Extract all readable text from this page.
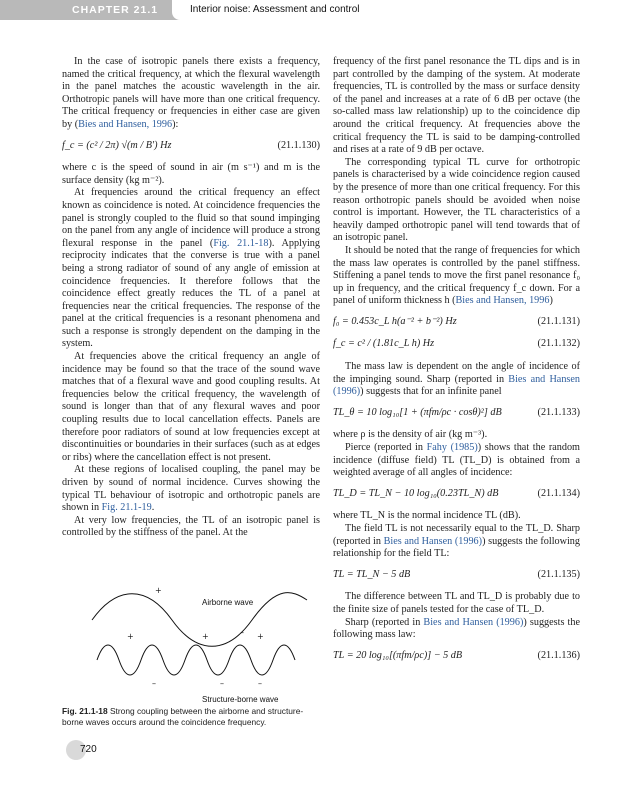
CHAPTER 21.1	Interior noise: Assessment and control

In the case of isotropic panels there exists a frequency, named the critical frequency, at which the flexural wavelength in the panel matches the acoustic wavelength in the air. Orthotropic panels will have more than one critical frequency. The critical frequency or frequencies in either case are given by (Bies and Hansen, 1996):

f_c = (c² / 2π) √(m / B′) Hz	(21.1.130)

where c is the speed of sound in air (m s⁻¹) and m is the surface density (kg m⁻²).

At frequencies around the critical frequency an effect known as coincidence is noted. At coincidence frequencies the panel is strongly coupled to the fluid so that sound impinging on the panel from any angle of incidence will produce a strong flexural response in the panel (Fig. 21.1-18). Applying reciprocity indicates that the converse is true with a panel being a strong radiator of sound of any angle of emission at coincidence frequencies. It therefore follows that the coincidence effect greatly reduces the TL of a panel at frequencies near the critical frequencies. The response of the panel at the critical frequencies is a resonant phenomena and such a response is strongly dependent on the damping in the system.

At frequencies above the critical frequency an angle of incidence may be found so that the trace of the sound wave matches that of a flexural wave and good coupling results. At frequencies below the critical frequency, the wavelength of sound is longer than that of any flexural waves and poor coupling results due to local cancellation effects. Panels are therefore poor radiators of sound at low frequencies except at discontinuities or boundaries in their surfaces (such as at edges or ribs) where the cancellation effect is not present.

At these regions of localised coupling, the panel may be driven by sound of normal incidence. Curves showing the typical TL behaviour of isotropic and orthotropic panels are shown in Fig. 21.1-19.

At very low frequencies, the TL of an isotropic panel is controlled by the stiffness of the panel. At the

Airborne wave
+
–
+	+	+
–	–	–
Structure-borne wave
Fig. 21.1-18 Strong coupling between the airborne and structure-borne waves occurs around the coincidence frequency.

frequency of the first panel resonance the TL dips and is in part controlled by the damping of the system. At moderate frequencies, TL is controlled by the mass or surface density of the panel and increases at a rate of 6 dB per octave (the so-called mass law relationship) up to the coincidence dip around the critical frequency. At frequencies above the critical frequency the TL is said to be damping-controlled and rises at a rate of 9 dB per octave.

The corresponding typical TL curve for orthotropic panels is characterised by a wide coincidence region caused by the presence of more than one critical frequency. For this reason orthotropic panels should be avoided when noise control is important. However, the TL characteristics of a heavily damped orthotropic panel will tend towards that of an isotropic panel.

It should be noted that the range of frequencies for which the mass law operates is controlled by the panel stiffness. Stiffening a panel tends to move the first panel resonance f₀ up in frequency, and the critical frequency f_c down. For a panel of uniform thickness h (Bies and Hansen, 1996)

f₀ = 0.453c_L h(a⁻² + b⁻²) Hz	(21.1.131)
f_c = c² / (1.81c_L h) Hz	(21.1.132)

The mass law is dependent on the angle of incidence of the impinging sound. Sharp (reported in Bies and Hansen (1996)) suggests that for an infinite panel

TL_θ = 10 log₁₀[1 + (πfm/ρc · cosθ)²] dB	(21.1.133)

where ρ is the density of air (kg m⁻³).

Pierce (reported in Fahy (1985)) shows that the random incidence (diffuse field) TL (TL_D) is obtained from a weighted average of all angles of incidence:

TL_D = TL_N − 10 log₁₀(0.23TL_N) dB	(21.1.134)

where TL_N is the normal incidence TL (dB).

The field TL is not necessarily equal to the TL_D. Sharp (reported in Bies and Hansen (1996)) suggests the following relationship for the field TL:

TL = TL_N − 5 dB	(21.1.135)

The difference between TL and TL_D is probably due to the finite size of panels tested for the case of TL_D.

Sharp (reported in Bies and Hansen (1996)) suggests the following mass law:

TL = 20 log₁₀[(πfm/ρc)] − 5 dB	(21.1.136)
720
